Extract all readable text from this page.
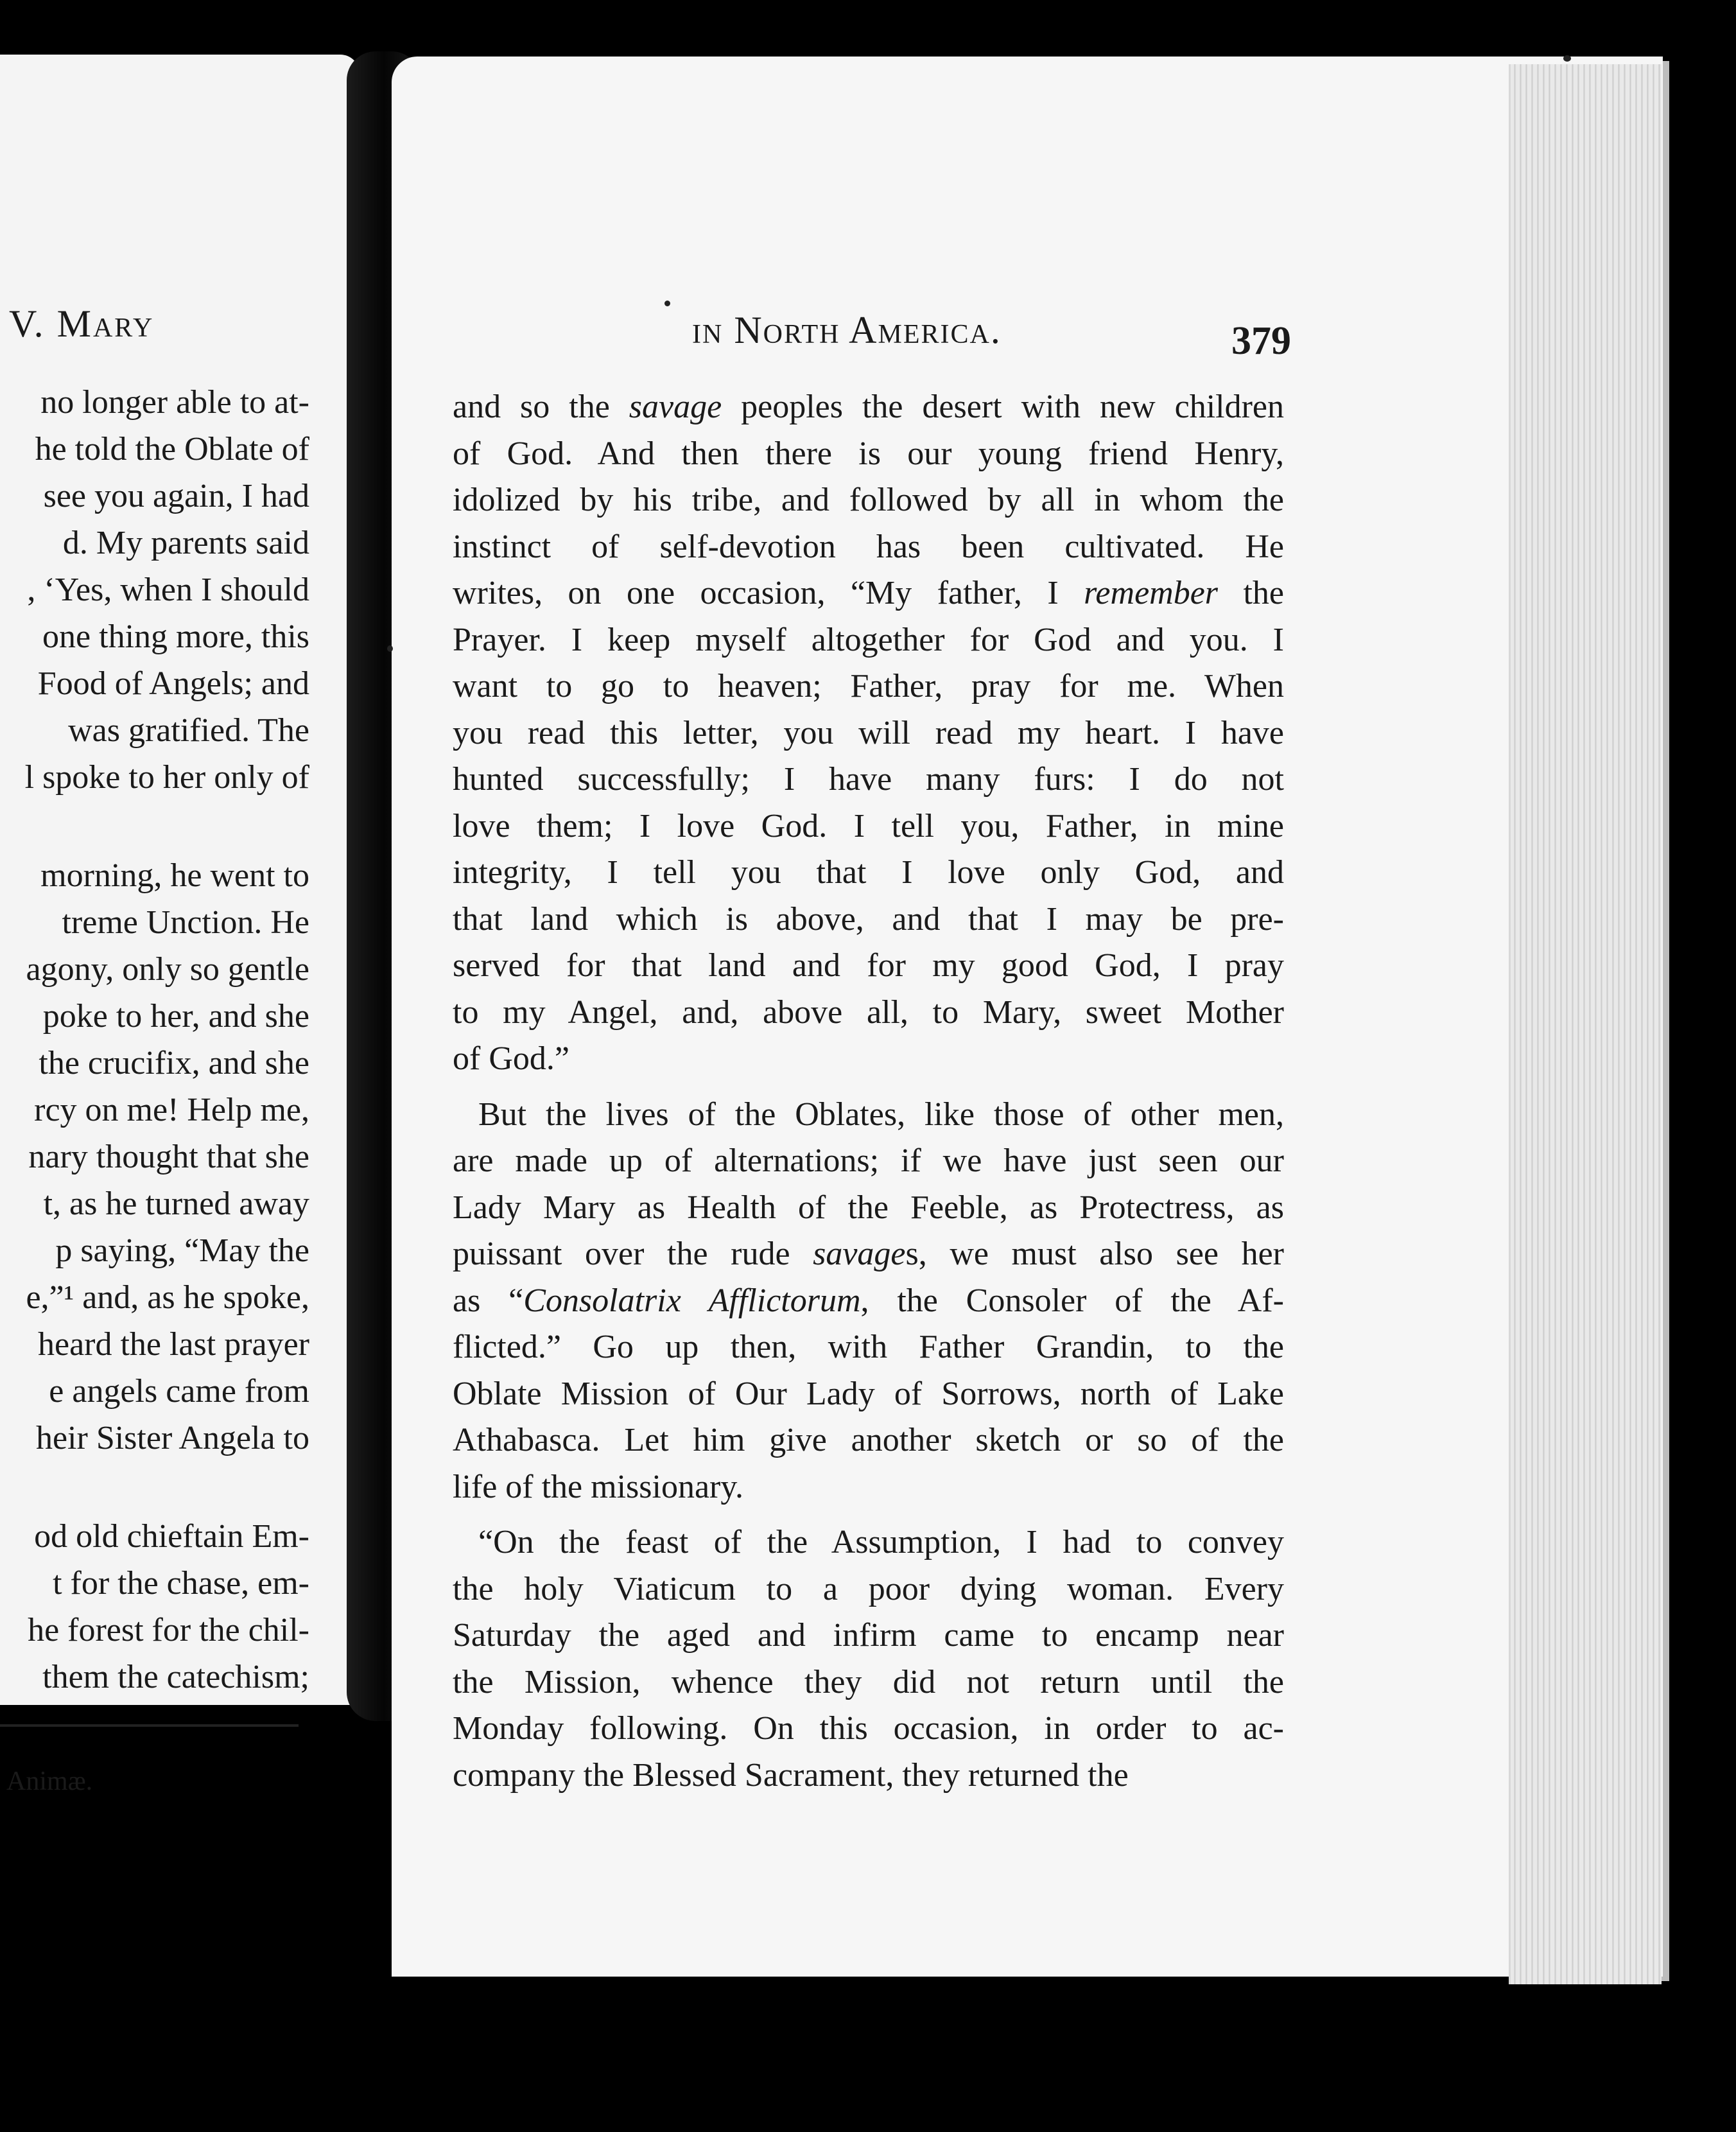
V. Mary
no longer able to at-
he told the Oblate of
see you again, I had
d. My parents said
, ‘Yes, when I should
one thing more, this
Food of Angels; and
was gratified. The
l spoke to her only of
morning, he went to
treme Unction. He
agony, only so gentle
poke to her, and she
the crucifix, and she
rcy on me! Help me,
nary thought that she
t, as he turned away
p saying, “May the
e,”¹ and, as he spoke,
heard the last prayer
e angels came from
heir Sister Angela to
od old chieftain Em-
t for the chase, em-
he forest for the chil-
them the catechism;
Animæ.
in North America.	379

and so the savage peoples the desert with new children

of God. And then there is our young friend Henry,

idolized by his tribe, and followed by all in whom the

instinct of self-devotion has been cultivated. He

writes, on one occasion, “My father, I remember the

Prayer. I keep myself altogether for God and you. I

want to go to heaven; Father, pray for me. When

you read this letter, you will read my heart. I have

hunted successfully; I have many furs: I do not

love them; I love God. I tell you, Father, in mine

integrity, I tell you that I love only God, and

that land which is above, and that I may be pre-

served for that land and for my good God, I pray

to my Angel, and, above all, to Mary, sweet Mother

of God.”

But the lives of the Oblates, like those of other men,

are made up of alternations; if we have just seen our

Lady Mary as Health of the Feeble, as Protectress, as

puissant over the rude savages, we must also see her

as “Consolatrix Afflictorum, the Consoler of the Af-

flicted.” Go up then, with Father Grandin, to the

Oblate Mission of Our Lady of Sorrows, north of Lake

Athabasca. Let him give another sketch or so of the

life of the missionary.

“On the feast of the Assumption, I had to convey

the holy Viaticum to a poor dying woman. Every

Saturday the aged and infirm came to encamp near

the Mission, whence they did not return until the

Monday following. On this occasion, in order to ac-

company the Blessed Sacrament, they returned the
